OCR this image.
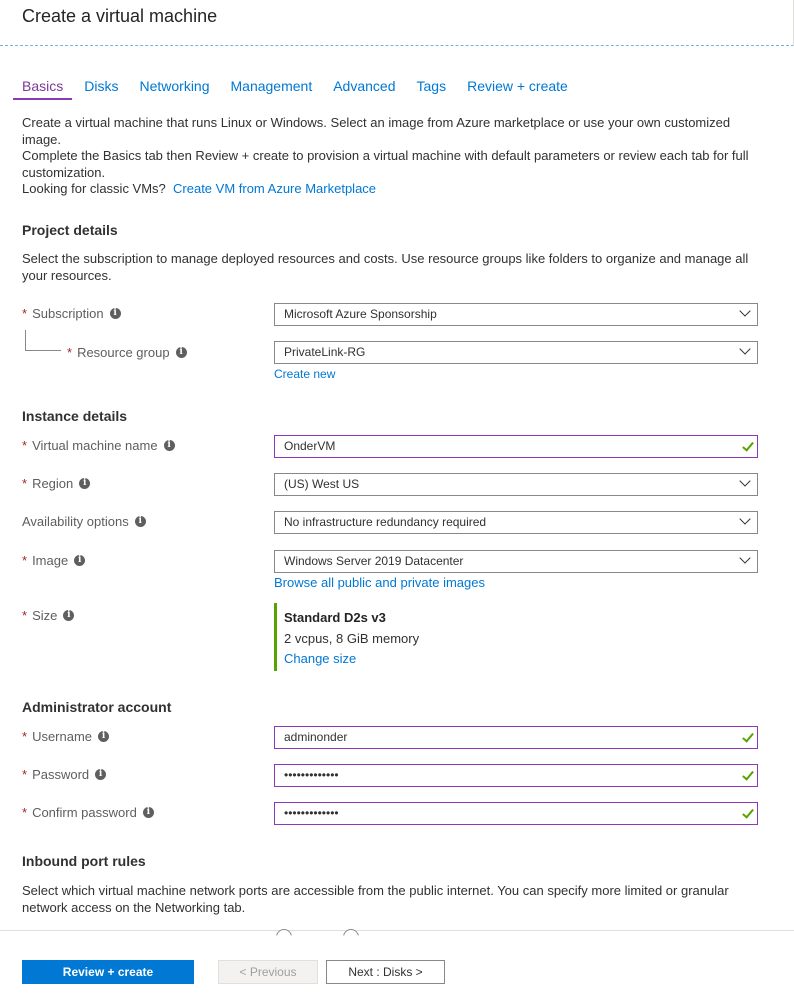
Create a virtual machine
Basics	Disks Networking Management Advanced Tags Review + create

Create a virtual machine that runs Linux or Windows. Select an image from Azure marketplace or use your own customized image.

Complete the Basics tab then Review + create to provision a virtual machine with default parameters or review each tab for full customization.

Looking for classic VMs? Create VM from Azure Marketplace

Project details
Select the subscription to manage deployed resources and costs. Use resource groups like folders to organize and manage all your resources.
* Subscription	i	Microsoft Azure Sponsorship
* Resource group	i	PrivateLink-RG
Create new
Instance details
* Virtual machine name	i	OnderVM
* Region	i	(US) West US
Availability options	i	No infrastructure redundancy required
* Image	i	Windows Server 2019 Datacenter
Browse all public and private images
* Size	i	Standard D2s v3
2 vcpus, 8 GiB memory
Change size
Administrator account
* Username	i	adminonder
* Password	i	•••••••••••••
* Confirm password	i	•••••••••••••
Inbound port rules
Select which virtual machine network ports are accessible from the public internet. You can specify more limited or granular network access on the Networking tab.
Review + create	< Previous	Next : Disks >
